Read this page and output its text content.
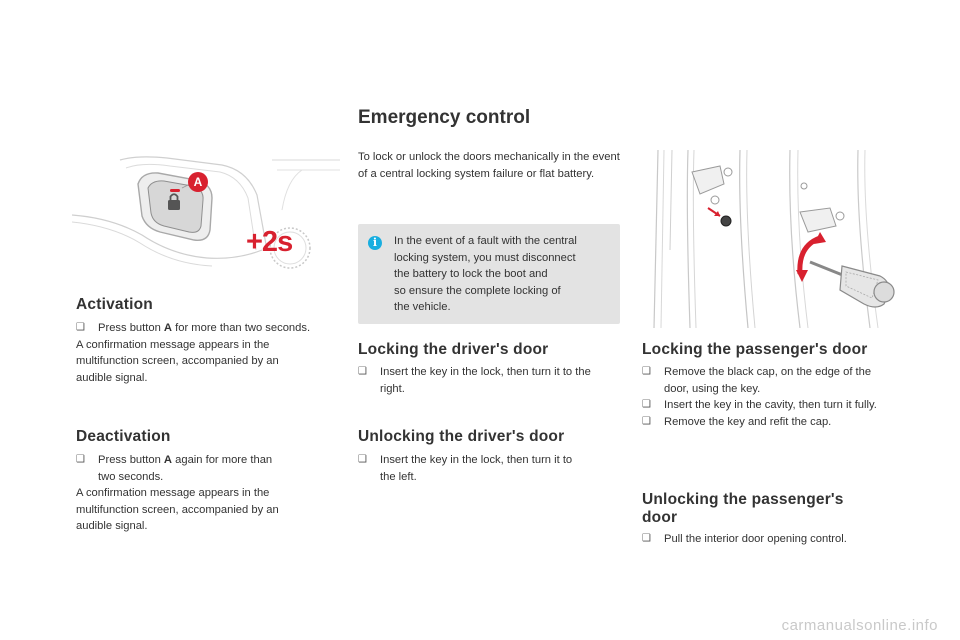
A
+2s
Activation
❑ Press button A for more than two seconds.

A confirmation message appears in the

multifunction screen, accompanied by an

audible signal.

Deactivation
❑ Press button A again for more than
two seconds.

A confirmation message appears in the

multifunction screen, accompanied by an

audible signal.

Emergency control

To lock or unlock the doors mechanically in the event of a central locking system failure or flat battery.

i	In the event of a fault with the central

locking system, you must disconnect

the battery to lock the boot and

so ensure the complete locking of

the vehicle.

Locking the driver's door
❑ Insert the key in the lock, then turn it to the
right.
Unlocking the driver's door
❑ Insert the key in the lock, then turn it to
the left.
Locking the passenger's door
❑ Remove the black cap, on the edge of the
door, using the key.
❑ Insert the key in the cavity, then turn it fully.
❑ Remove the key and refit the cap.
Unlocking the passenger's
door
❑ Pull the interior door opening control.
carmanualsonline.info
